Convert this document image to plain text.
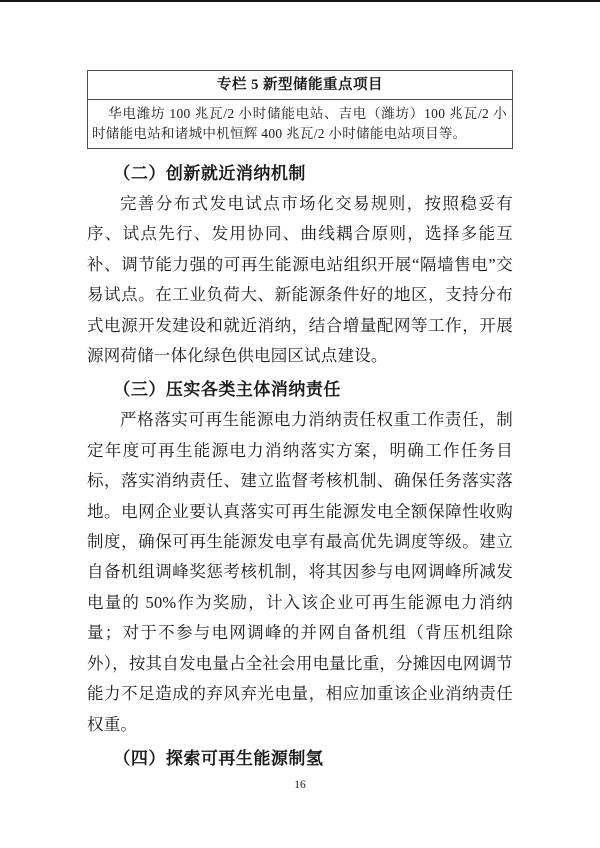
专栏 5 新型储能重点项目
华电潍坊 100 兆瓦/2 小时储能电站、吉电（潍坊）100 兆瓦/2 小时储能电站和诸城中机恒辉 400 兆瓦/2 小时储能电站项目等。
（二）创新就近消纳机制

完善分布式发电试点市场化交易规则，按照稳妥有序、试点先行、发用协同、曲线耦合原则，选择多能互补、调节能力强的可再生能源电站组织开展“隔墙售电”交易试点。在工业负荷大、新能源条件好的地区，支持分布式电源开发建设和就近消纳，结合增量配网等工作，开展源网荷储一体化绿色供电园区试点建设。

（三）压实各类主体消纳责任

严格落实可再生能源电力消纳责任权重工作责任，制定年度可再生能源电力消纳落实方案，明确工作任务目标，落实消纳责任、建立监督考核机制、确保任务落实落地。电网企业要认真落实可再生能源发电全额保障性收购制度，确保可再生能源发电享有最高优先调度等级。建立自备机组调峰奖惩考核机制，将其因参与电网调峰所减发电量的 50%作为奖励，计入该企业可再生能源电力消纳量；对于不参与电网调峰的并网自备机组（背压机组除外），按其自发电量占全社会用电量比重，分摊因电网调节能力不足造成的弃风弃光电量，相应加重该企业消纳责任权重。

（四）探索可再生能源制氢
16
